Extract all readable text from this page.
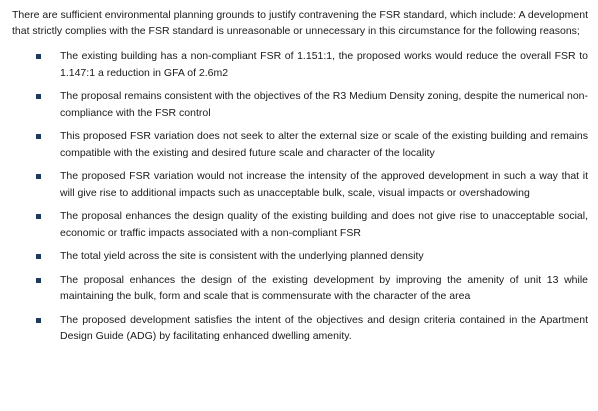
There are sufficient environmental planning grounds to justify contravening the FSR standard, which include: A development that strictly complies with the FSR standard is unreasonable or unnecessary in this circumstance for the following reasons;

The existing building has a non-compliant FSR of 1.151:1, the proposed works would reduce the overall FSR to 1.147:1 a reduction in GFA of 2.6m2
The proposal remains consistent with the objectives of the R3 Medium Density zoning, despite the numerical non-compliance with the FSR control
This proposed FSR variation does not seek to alter the external size or scale of the existing building and remains compatible with the existing and desired future scale and character of the locality
The proposed FSR variation would not increase the intensity of the approved development in such a way that it will give rise to additional impacts such as unacceptable bulk, scale, visual impacts or overshadowing
The proposal enhances the design quality of the existing building and does not give rise to unacceptable social, economic or traffic impacts associated with a non-compliant FSR
The total yield across the site is consistent with the underlying planned density
The proposal enhances the design of the existing development by improving the amenity of unit 13 while maintaining the bulk, form and scale that is commensurate with the character of the area
The proposed development satisfies the intent of the objectives and design criteria contained in the Apartment Design Guide (ADG) by facilitating enhanced dwelling amenity.
